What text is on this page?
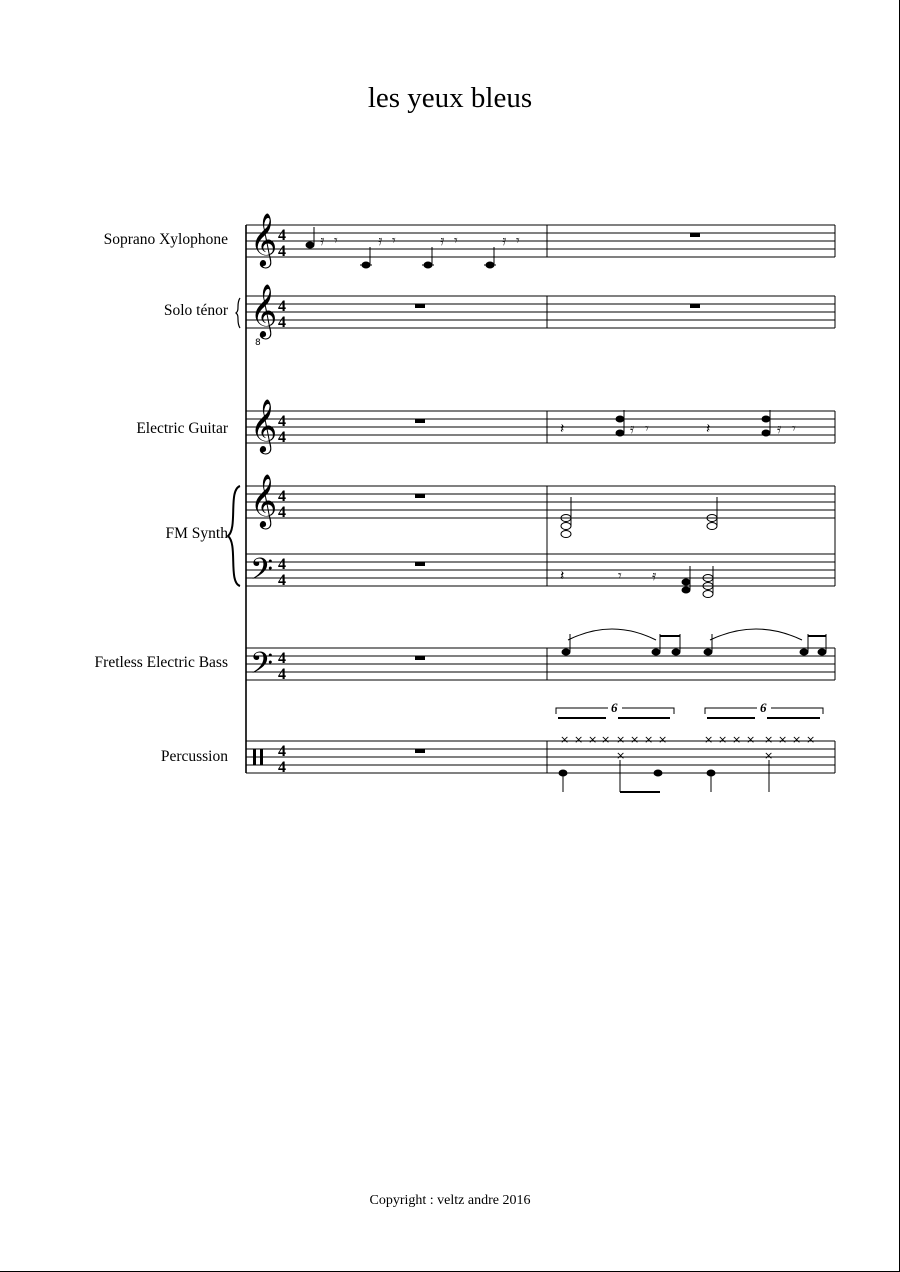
les yeux bleus
Soprano Xylophone
Solo ténor
Electric Guitar
FM Synth
Fretless Electric Bass
Percussion
𝄞
𝄞
8
𝄞
𝄞
𝄢
𝄢
4
4
4
4
4
4
4
4
4
4
4
4
4
4
𝄿 𝄾	𝄿 𝄾	𝄿 𝄾	𝄿 𝄾
𝄽	𝄿 𝄾	𝄽	𝄿 𝄾
𝄽	𝄾 𝄿
6	6
× × × × × × × ×	× × × × × × × ×
×	×
Copyright : veltz andre 2016
